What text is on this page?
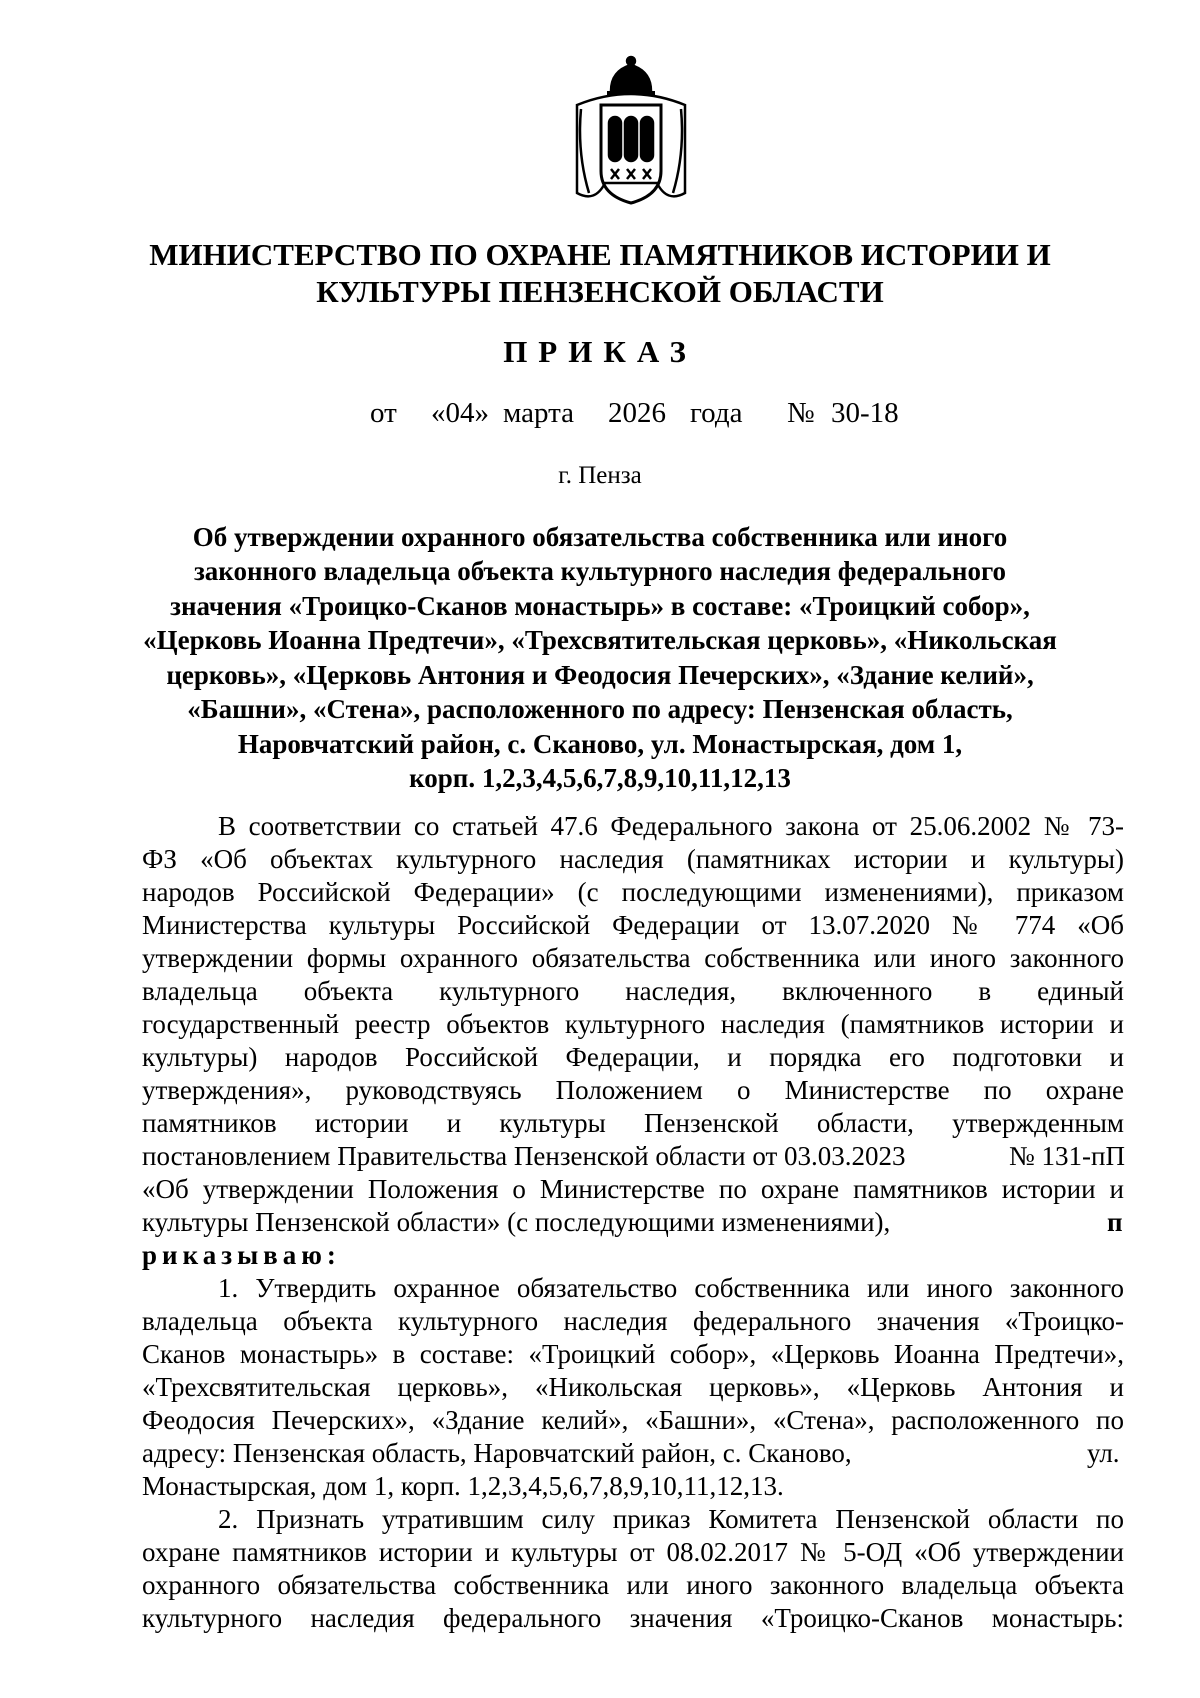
МИНИСТЕРСТВО ПО ОХРАНЕ ПАМЯТНИКОВ ИСТОРИИ И
КУЛЬТУРЫ ПЕНЗЕНСКОЙ ОБЛАСТИ
ПРИКАЗ
от «04» марта 2026 года № 30-18
г. Пенза
Об утверждении охранного обязательства собственника или иного
законного владельца объекта культурного наследия федерального
значения «Троицко-Сканов монастырь» в составе: «Троицкий собор»,
«Церковь Иоанна Предтечи», «Трехсвятительская церковь», «Никольская
церковь», «Церковь Антония и Феодосия Печерских», «Здание келий»,
«Башни», «Стена», расположенного по адресу: Пензенская область,
Наровчатский район, с. Сканово, ул. Монастырская, дом 1,
корп. 1,2,3,4,5,6,7,8,9,10,11,12,13
В соответствии со статьей 47.6 Федерального закона от 25.06.2002 № 73-
ФЗ «Об объектах культурного наследия (памятниках истории и культуры)
народов Российской Федерации» (с последующими изменениями), приказом
Министерства культуры Российской Федерации от 13.07.2020 № 774 «Об
утверждении формы охранного обязательства собственника или иного законного
владельца объекта культурного наследия, включенного в единый
государственный реестр объектов культурного наследия (памятников истории и
культуры) народов Российской Федерации, и порядка его подготовки и
утверждения», руководствуясь Положением о Министерстве по охране
памятников истории и культуры Пензенской области, утвержденным
постановлением Правительства Пензенской области от 03.03.2023	№ 131-пП
«Об утверждении Положения о Министерстве по охране памятников истории и
культуры Пензенской области» (с последующими изменениями),	п
риказываю:
1. Утвердить охранное обязательство собственника или иного законного
владельца объекта культурного наследия федерального значения «Троицко-
Сканов монастырь» в составе: «Троицкий собор», «Церковь Иоанна Предтечи»,
«Трехсвятительская церковь», «Никольская церковь», «Церковь Антония и
Феодосия Печерских», «Здание келий», «Башни», «Стена», расположенного по
адресу: Пензенская область, Наровчатский район, с. Сканово,	ул.
Монастырская, дом 1, корп. 1,2,3,4,5,6,7,8,9,10,11,12,13.
2. Признать утратившим силу приказ Комитета Пензенской области по
охране памятников истории и культуры от 08.02.2017 № 5-ОД «Об утверждении
охранного обязательства собственника или иного законного владельца объекта
культурного наследия федерального значения «Троицко-Сканов монастырь:
